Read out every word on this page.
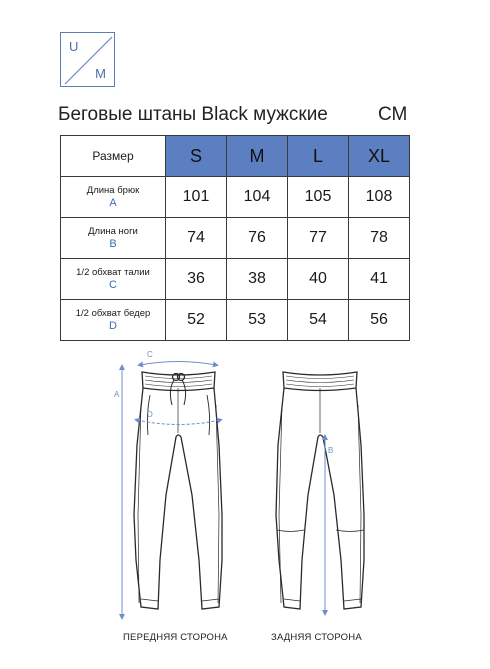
U
M
Беговые штаны Black мужские	СМ
Размер	S	M	L	XL
Длина брюк
A	101	104	105	108
Длина ноги
B	74	76	77	78
1/2 обхват талии
C	36	38	40	41
1/2 обхват бедер
D	52	53	54	56
A
C
D
B
ПЕРЕДНЯЯ СТОРОНА	ЗАДНЯЯ СТОРОНА
